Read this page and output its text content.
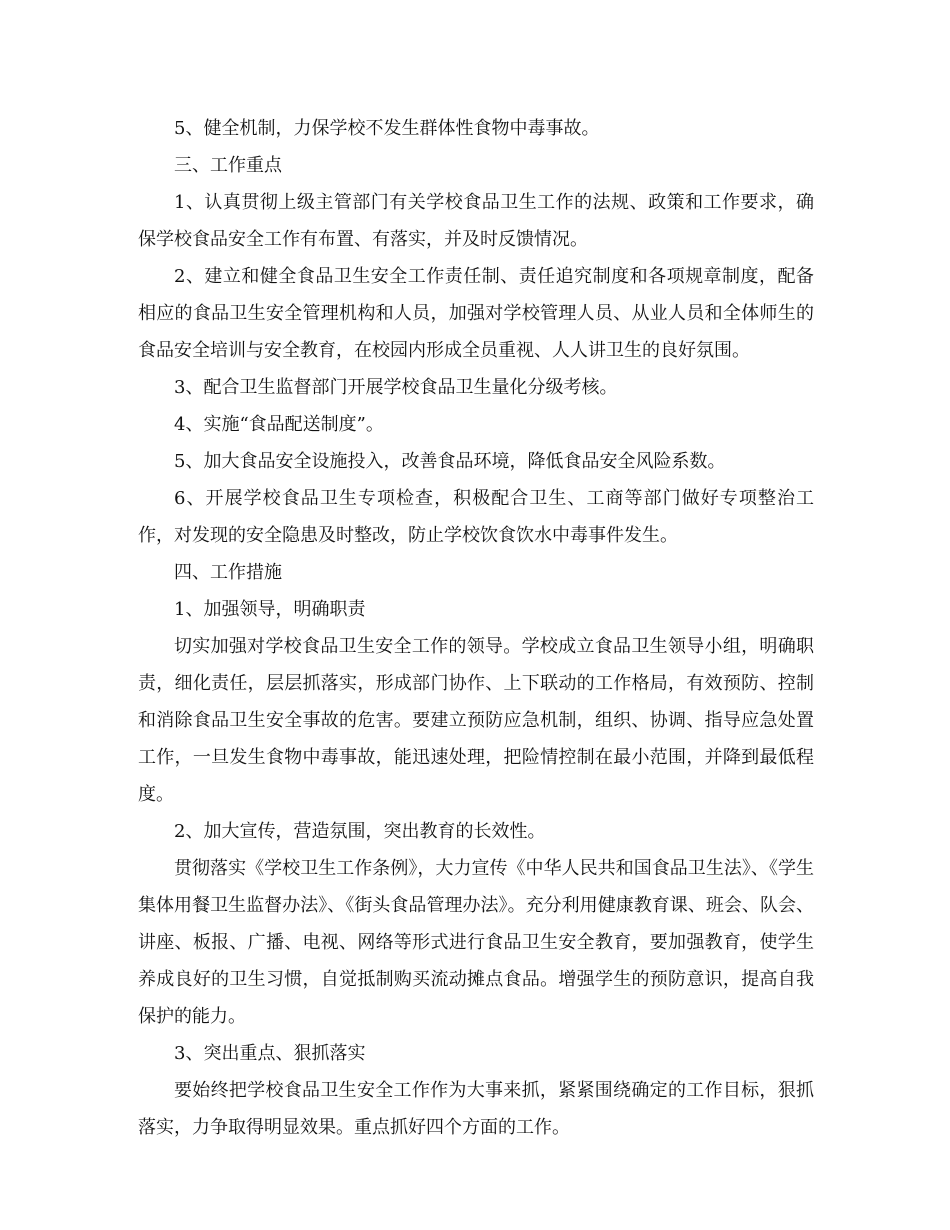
5、健全机制，力保学校不发生群体性食物中毒事故。

三、工作重点

1、认真贯彻上级主管部门有关学校食品卫生工作的法规、政策和工作要求，确保学校食品安全工作有布置、有落实，并及时反馈情况。

2、建立和健全食品卫生安全工作责任制、责任追究制度和各项规章制度，配备相应的食品卫生安全管理机构和人员，加强对学校管理人员、从业人员和全体师生的食品安全培训与安全教育，在校园内形成全员重视、人人讲卫生的良好氛围。

3、配合卫生监督部门开展学校食品卫生量化分级考核。

4、实施“食品配送制度”。

5、加大食品安全设施投入，改善食品环境，降低食品安全风险系数。

6、开展学校食品卫生专项检查，积极配合卫生、工商等部门做好专项整治工作，对发现的安全隐患及时整改，防止学校饮食饮水中毒事件发生。

四、工作措施

1、加强领导，明确职责

切实加强对学校食品卫生安全工作的领导。学校成立食品卫生领导小组，明确职责，细化责任，层层抓落实，形成部门协作、上下联动的工作格局，有效预防、控制和消除食品卫生安全事故的危害。要建立预防应急机制，组织、协调、指导应急处置工作，一旦发生食物中毒事故，能迅速处理，把险情控制在最小范围，并降到最低程度。

2、加大宣传，营造氛围，突出教育的长效性。

贯彻落实《学校卫生工作条例》，大力宣传《中华人民共和国食品卫生法》、《学生集体用餐卫生监督办法》、《街头食品管理办法》。充分利用健康教育课、班会、队会、讲座、板报、广播、电视、网络等形式进行食品卫生安全教育，要加强教育，使学生养成良好的卫生习惯，自觉抵制购买流动摊点食品。增强学生的预防意识，提高自我保护的能力。

3、突出重点、狠抓落实

要始终把学校食品卫生安全工作作为大事来抓，紧紧围绕确定的工作目标，狠抓落实，力争取得明显效果。重点抓好四个方面的工作。
